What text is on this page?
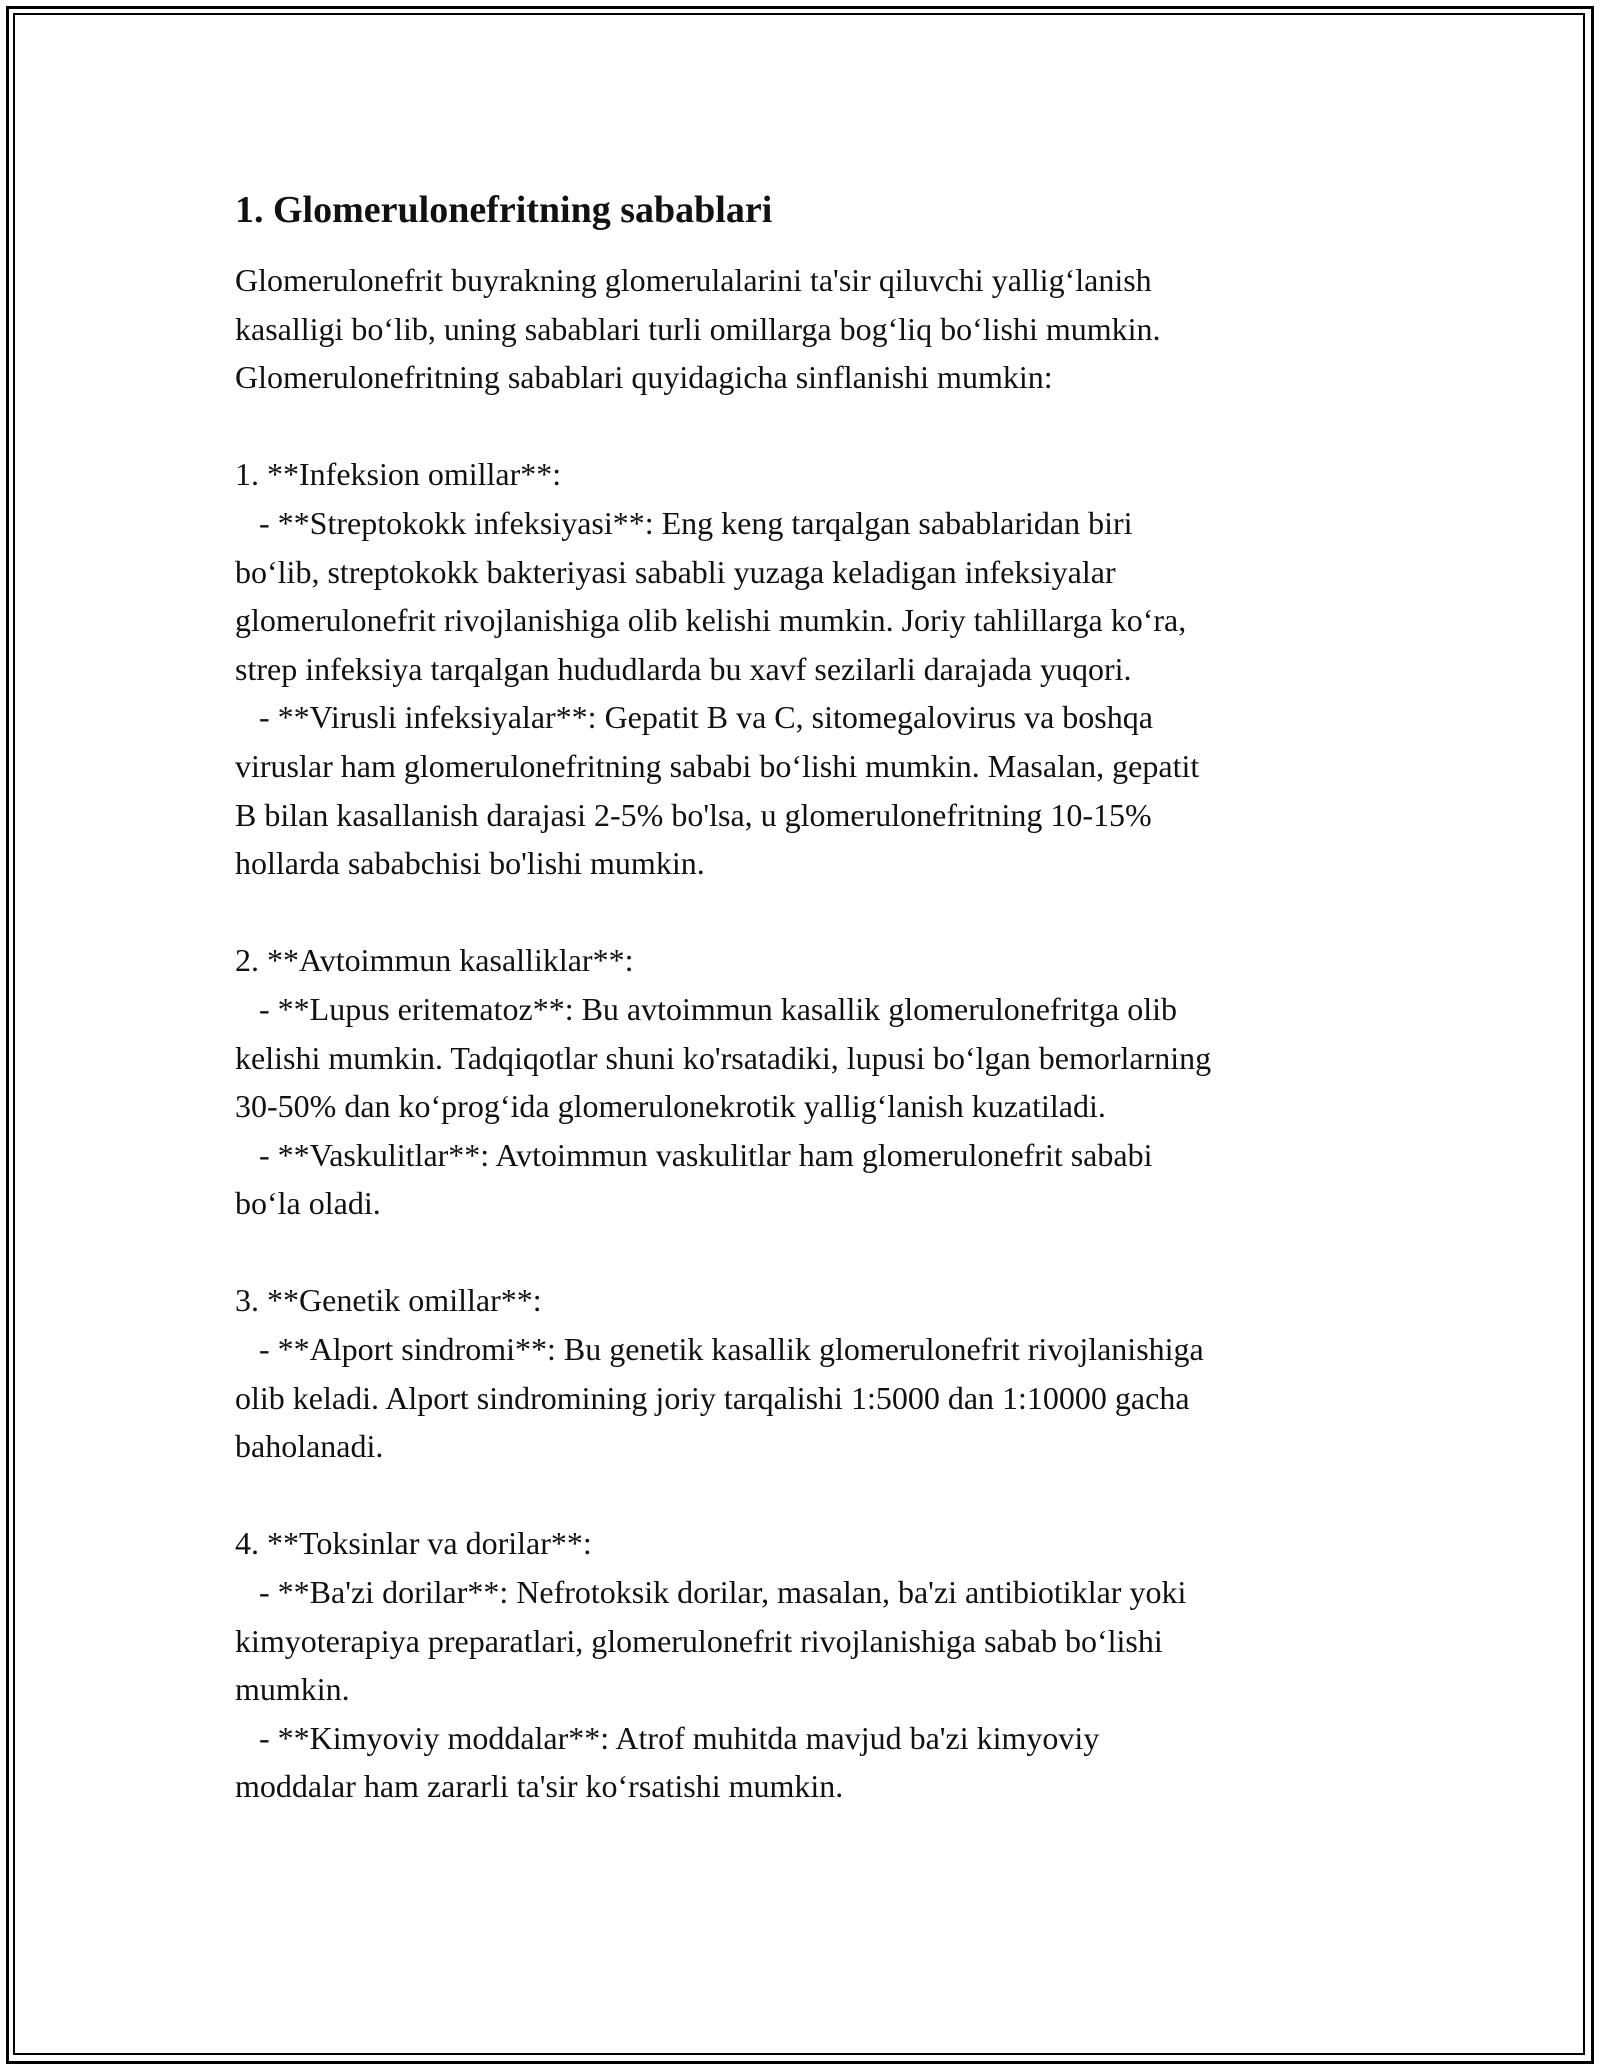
1. Glomerulonefritning sabablari
Glomerulonefrit buyrakning glomerulalarini ta'sir qiluvchi yallig‘lanish
kasalligi bo‘lib, uning sabablari turli omillarga bog‘liq bo‘lishi mumkin.
Glomerulonefritning sabablari quyidagicha sinflanishi mumkin:
1. **Infeksion omillar**:
- **Streptokokk infeksiyasi**: Eng keng tarqalgan sabablaridan biri
bo‘lib, streptokokk bakteriyasi sababli yuzaga keladigan infeksiyalar
glomerulonefrit rivojlanishiga olib kelishi mumkin. Joriy tahlillarga ko‘ra,
strep infeksiya tarqalgan hududlarda bu xavf sezilarli darajada yuqori.
- **Virusli infeksiyalar**: Gepatit B va C, sitomegalovirus va boshqa
viruslar ham glomerulonefritning sababi bo‘lishi mumkin. Masalan, gepatit
B bilan kasallanish darajasi 2-5% bo'lsa, u glomerulonefritning 10-15%
hollarda sababchisi bo'lishi mumkin.
2. **Avtoimmun kasalliklar**:
- **Lupus eritematoz**: Bu avtoimmun kasallik glomerulonefritga olib
kelishi mumkin. Tadqiqotlar shuni ko'rsatadiki, lupusi bo‘lgan bemorlarning
30-50% dan ko‘prog‘ida glomerulonekrotik yallig‘lanish kuzatiladi.
- **Vaskulitlar**: Avtoimmun vaskulitlar ham glomerulonefrit sababi
bo‘la oladi.
3. **Genetik omillar**:
- **Alport sindromi**: Bu genetik kasallik glomerulonefrit rivojlanishiga
olib keladi. Alport sindromining joriy tarqalishi 1:5000 dan 1:10000 gacha
baholanadi.
4. **Toksinlar va dorilar**:
- **Ba'zi dorilar**: Nefrotoksik dorilar, masalan, ba'zi antibiotiklar yoki
kimyoterapiya preparatlari, glomerulonefrit rivojlanishiga sabab bo‘lishi
mumkin.
- **Kimyoviy moddalar**: Atrof muhitda mavjud ba'zi kimyoviy
moddalar ham zararli ta'sir ko‘rsatishi mumkin.
